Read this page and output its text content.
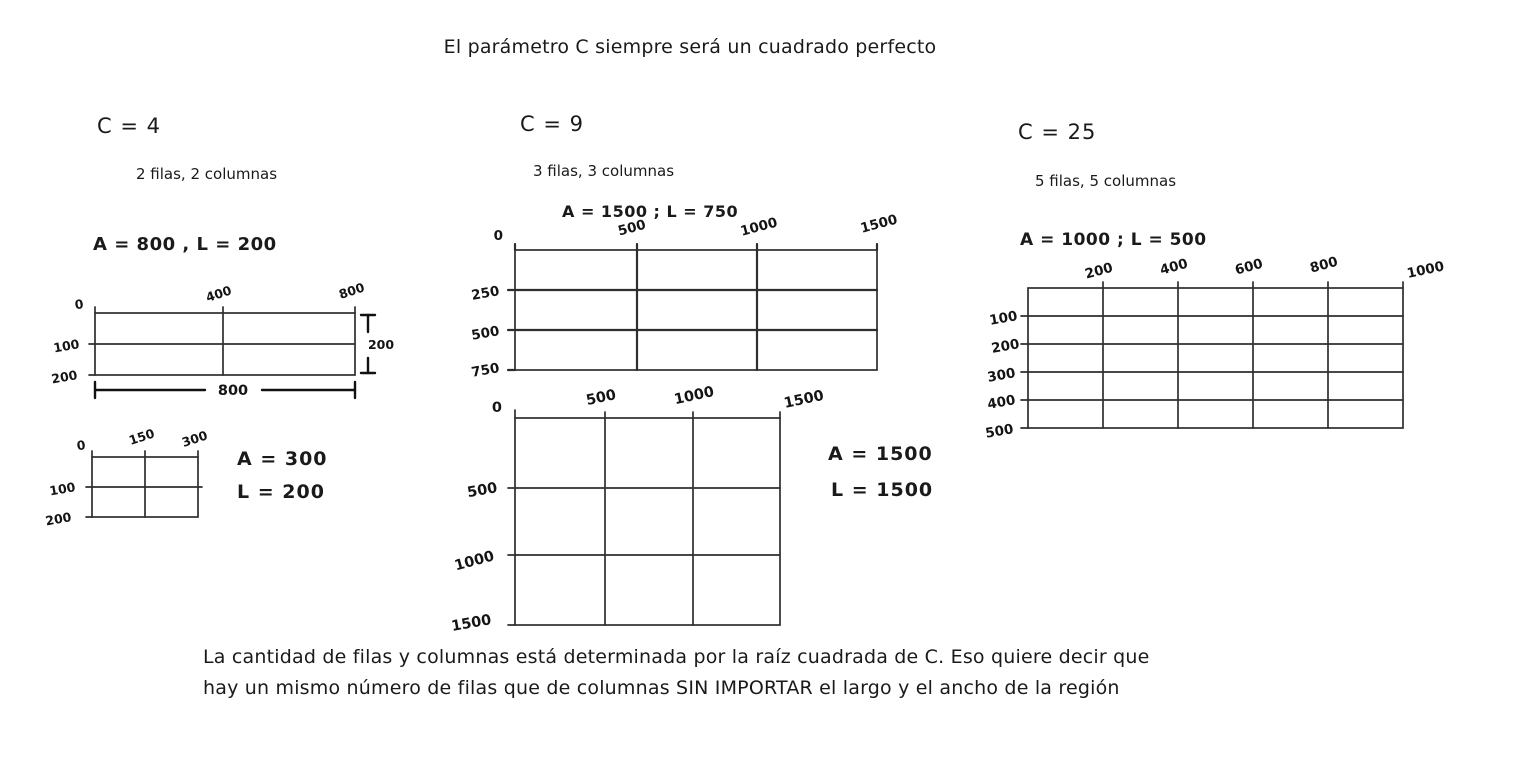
El parámetro C siempre será un cuadrado perfecto
C = 4
2 filas, 2 columnas
A = 800 , L = 200
0	400	800
100
200
800
200
0	150 300
100
200
A = 300
L = 200
C = 9
3 filas, 3 columnas
A = 1500 ; L = 750
0	500	1000	1500
250
500
750
0	500	1000	1500
500
1000
1500
A = 1500
L = 1500
C = 25
5 filas, 5 columnas
A = 1000 ; L = 500
200	400	600	800	1000
100
200
300
400
500
La cantidad de filas y columnas está determinada por la raíz cuadrada de C. Eso quiere decir que
hay un mismo número de filas que de columnas SIN IMPORTAR el largo y el ancho de la región
